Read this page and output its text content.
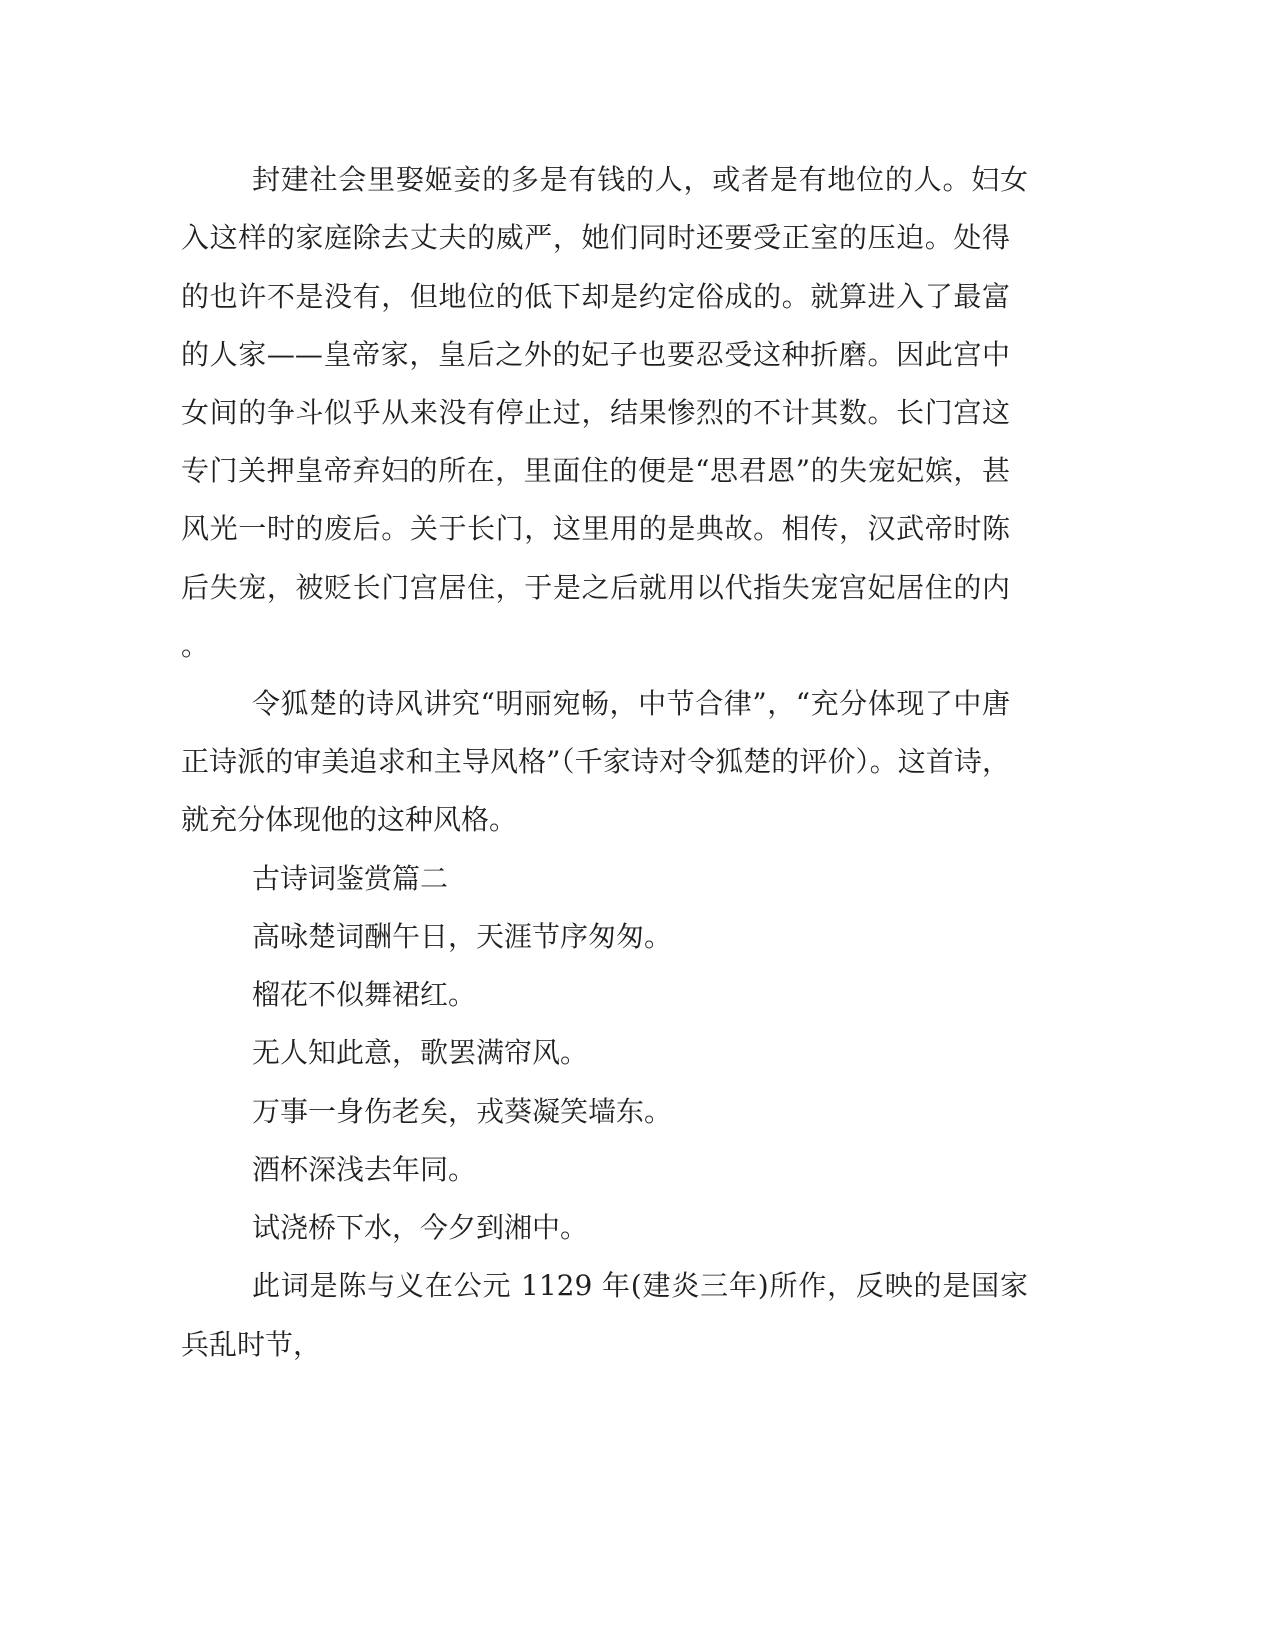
封建社会里娶姬妾的多是有钱的人，或者是有地位的人。妇女

入这样的家庭除去丈夫的威严，她们同时还要受正室的压迫。处得

的也许不是没有，但地位的低下却是约定俗成的。就算进入了最富

的人家——皇帝家，皇后之外的妃子也要忍受这种折磨。因此宫中

女间的争斗似乎从来没有停止过，结果惨烈的不计其数。长门宫这

专门关押皇帝弃妇的所在，里面住的便是“思君恩”的失宠妃嫔，甚

风光一时的废后。关于长门，这里用的是典故。相传，汉武帝时陈

后失宠，被贬长门宫居住，于是之后就用以代指失宠宫妃居住的内

。

令狐楚的诗风讲究“明丽宛畅，中节合律”，“充分体现了中唐

正诗派的审美追求和主导风格”（千家诗对令狐楚的评价）。这首诗，

就充分体现他的这种风格。

古诗词鉴赏篇二

高咏楚词酬午日，天涯节序匆匆。

榴花不似舞裙红。

无人知此意，歌罢满帘风。

万事一身伤老矣，戎葵凝笑墙东。

酒杯深浅去年同。

试浇桥下水，今夕到湘中。

此词是陈与义在公元 1129 年(建炎三年)所作，反映的是国家

兵乱时节，
